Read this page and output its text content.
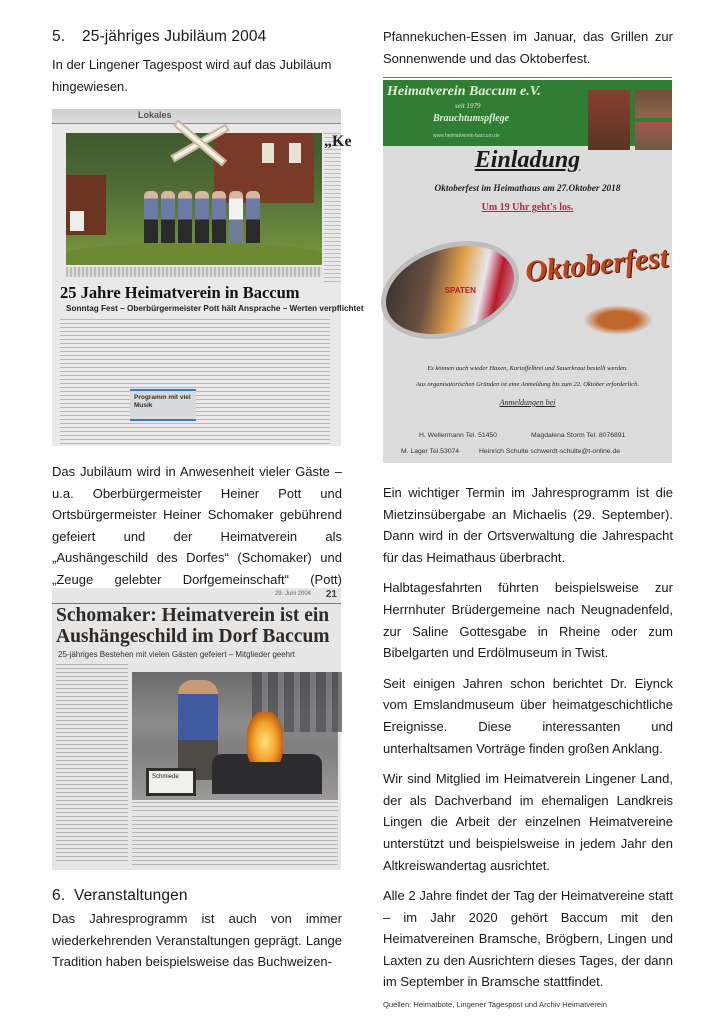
5. 25-jähriges Jubiläum 2004

In der Lingener Tagespost wird auf das Jubiläum hingewiesen.

Lokales
„Ke
25 Jahre Heimatverein in Baccum
Sonntag Fest – Oberbürgermeister Pott hält Ansprache – Werten verpflichtet
Programm mit viel Musik

Das Jubiläum wird in Anwesenheit vieler Gäste – u.a. Oberbürgermeister Heiner Pott und Ortsbürgermeister Heiner Schomaker gebührend gefeiert und der Heimatverein als „Aushängeschild des Dorfes“ (Schomaker) und „Zeuge gelebter Dorfgemeinschaft“ (Pott)

29. Juni 2004 21
Schomaker: Heimatverein ist ein
Aushängeschild im Dorf Baccum
25-jähriges Bestehen mit vielen Gästen gefeiert – Mitglieder geehrt
Schmiede
6. Veranstaltungen

Das Jahresprogramm ist auch von immer wiederkehrenden Veranstaltungen geprägt. Lange Tradition haben beispielsweise das Buchweizen-

Pfannekuchen-Essen im Januar, das Grillen zur Sonnenwende und das Oktoberfest.

Heimatverein Baccum e.V.
seit 1979
Brauchtumspflege
www.heimatverein-baccum.de
Einladung
Oktoberfest im Heimathaus am 27.Oktober 2018
Um 19 Uhr geht's los.
SPATEN
Oktoberfest
Es können auch wieder Haxen, Kartoffelbrei und Sauerkraut bestellt werden.
Aus organisatorischen Gründen ist eine Anmeldung bis zum 22. Oktober erforderlich.
Anmeldungen bei
H. Wellermann Tel. 51450	Magdalena Storm Tel. 8076891
M. Lager Tel.53074	Heinrich Schulte schwerdt-schulte@t-online.de

Ein wichtiger Termin im Jahresprogramm ist die Mietzinsübergabe an Michaelis (29. September). Dann wird in der Ortsverwaltung die Jahrespacht für das Heimathaus überbracht.

Halbtagesfahrten führten beispielsweise zur Herrnhuter Brüdergemeine nach Neugnadenfeld, zur Saline Gottesgabe in Rheine oder zum Bibelgarten und Erdölmuseum in Twist.

Seit einigen Jahren schon berichtet Dr. Eiynck vom Emslandmuseum über heimatgeschichtliche Ereignisse. Diese interessanten und unterhaltsamen Vorträge finden großen Anklang.

Wir sind Mitglied im Heimatverein Lingener Land, der als Dachverband im ehemaligen Landkreis Lingen die Arbeit der einzelnen Heimatvereine unterstützt und beispielsweise in jedem Jahr den Altkreiswandertag ausrichtet.

Alle 2 Jahre findet der Tag der Heimatvereine statt – im Jahr 2020 gehört Baccum mit den Heimatvereinen Bramsche, Brögbern, Lingen und Laxten zu den Ausrichtern dieses Tages, der dann im September in Bramsche stattfindet.

Quellen: Heimatbote, Lingener Tagespost und Archiv Heimatverein
